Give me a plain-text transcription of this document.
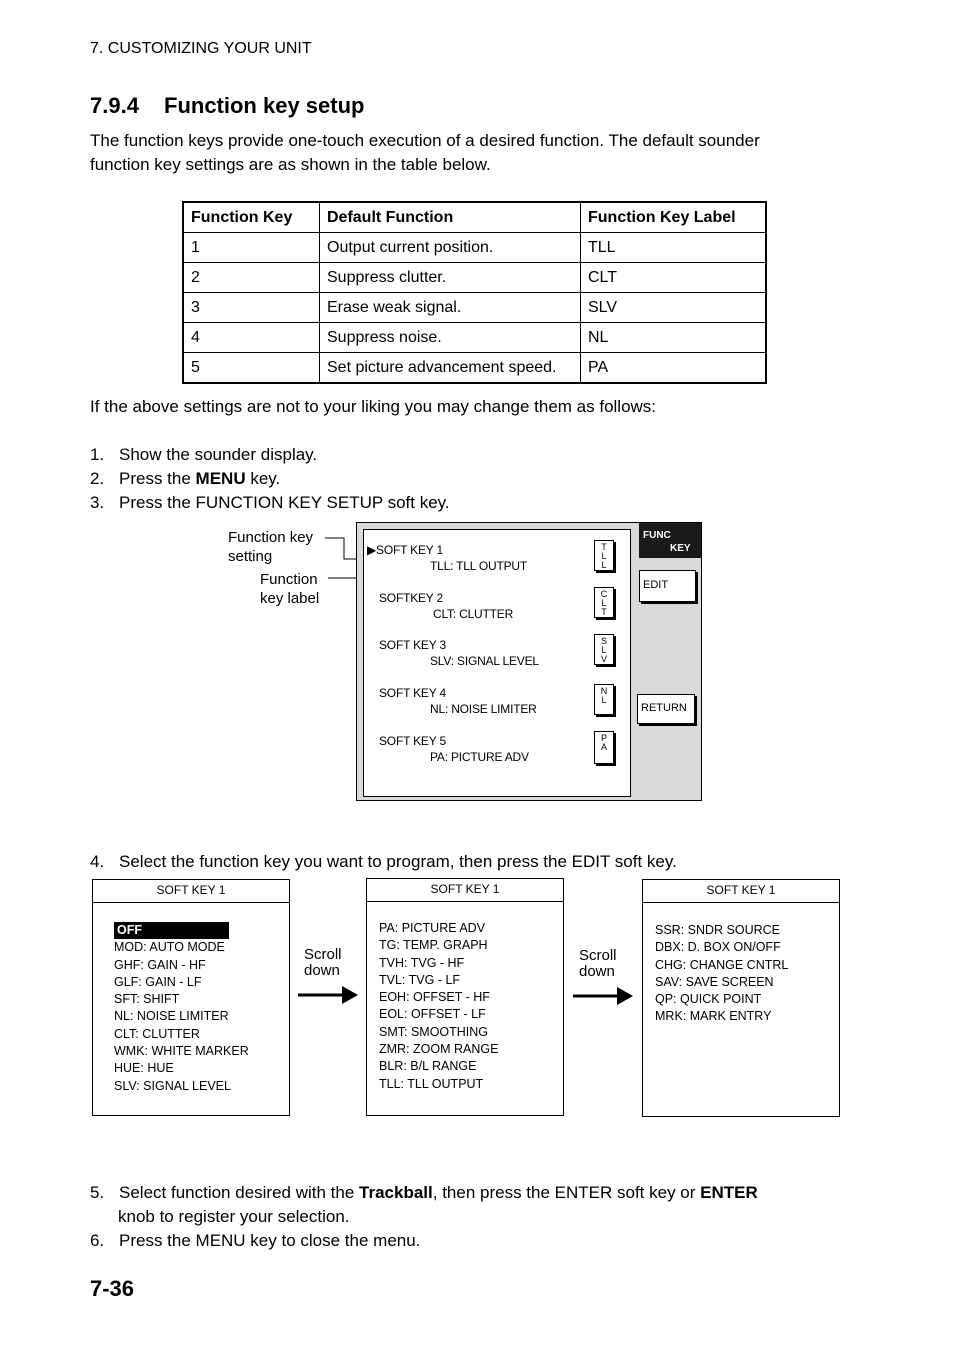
7. CUSTOMIZING YOUR UNIT
7.9.4 Function key setup
The function keys provide one-touch execution of a desired function. The default sounder
function key settings are as shown in the table below.
Function Key	Default Function	Function Key Label
1	Output current position.	TLL
2	Suppress clutter.	CLT
3	Erase weak signal.	SLV
4	Suppress noise.	NL
5	Set picture advancement speed.	PA
If the above settings are not to your liking you may change them as follows:
1. Show the sounder display.
2. Press the MENU key.
3. Press the FUNCTION KEY SETUP soft key.
Function key
setting
Function
key label
▶SOFT KEY 1
TLL: TLL OUTPUT
T
L
L
SOFTKEY 2
CLT: CLUTTER
C
L
T
SOFT KEY 3
SLV: SIGNAL LEVEL
S
L
V
SOFT KEY 4
NL: NOISE LIMITER
N
L
SOFT KEY 5
PA: PICTURE ADV
P
A
FUNC
KEY
EDIT
RETURN
4. Select the function key you want to program, then press the EDIT soft key.
SOFT KEY 1
OFF
MOD: AUTO MODE
GHF: GAIN - HF
GLF: GAIN - LF
SFT: SHIFT
NL: NOISE LIMITER
CLT: CLUTTER
WMK: WHITE MARKER
HUE: HUE
SLV: SIGNAL LEVEL
Scroll
down
SOFT KEY 1
PA: PICTURE ADV
TG: TEMP. GRAPH
TVH: TVG - HF
TVL: TVG - LF
EOH: OFFSET - HF
EOL: OFFSET - LF
SMT: SMOOTHING
ZMR: ZOOM RANGE
BLR: B/L RANGE
TLL: TLL OUTPUT
Scroll
down
SOFT KEY 1
SSR: SNDR SOURCE
DBX: D. BOX ON/OFF
CHG: CHANGE CNTRL
SAV: SAVE SCREEN
QP: QUICK POINT
MRK: MARK ENTRY
5. Select function desired with the Trackball, then press the ENTER soft key or ENTER
knob to register your selection.
6. Press the MENU key to close the menu.
7-36
